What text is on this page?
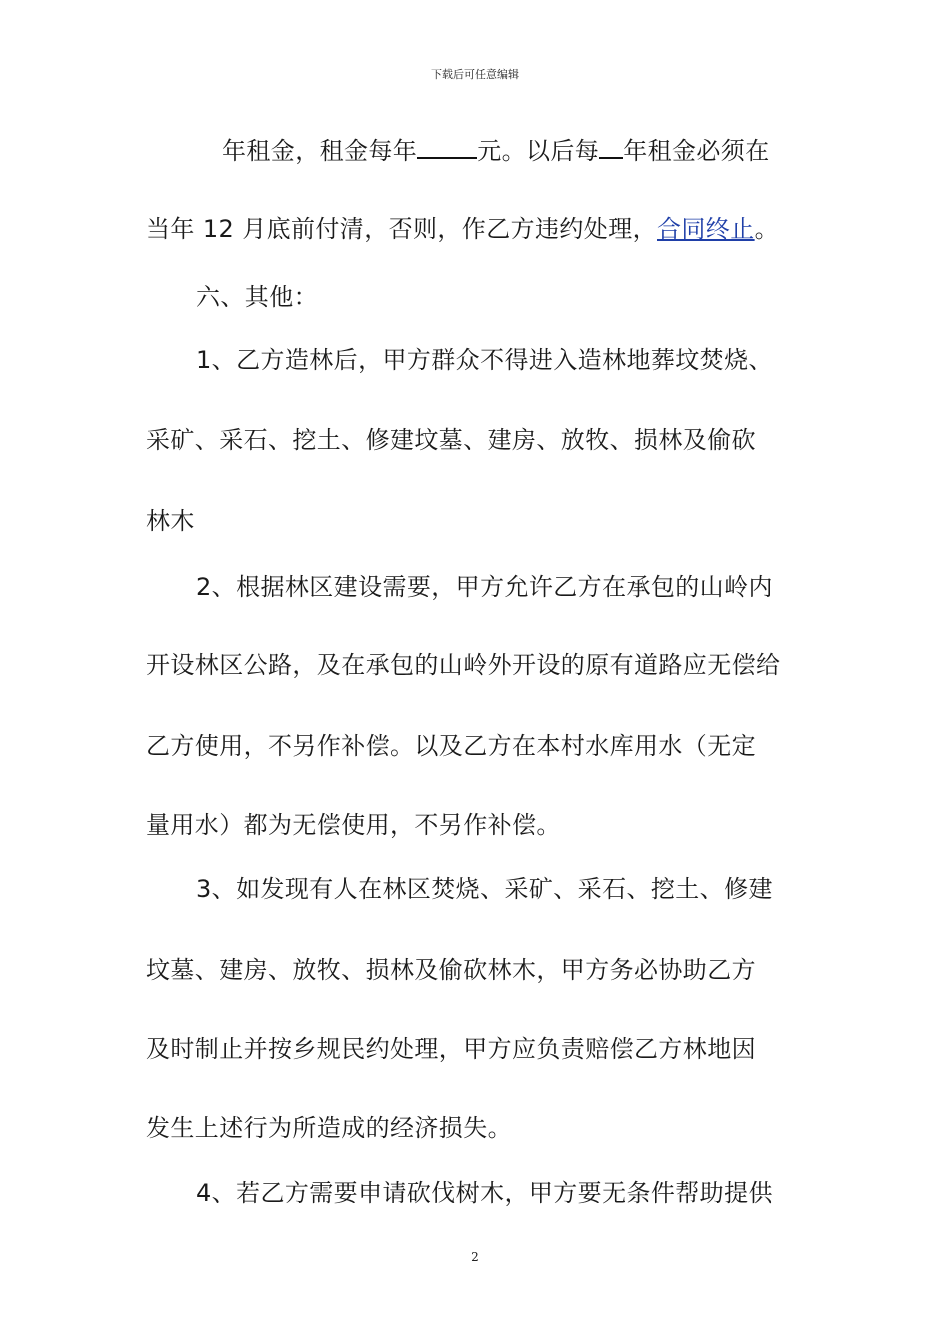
下载后可任意编辑
年租金，租金每年	元。以后每 年租金必须在
当年 12 月底前付清，否则，作乙方违约处理，合同终止。
六、其他：
1、乙方造林后，甲方群众不得进入造林地葬坟焚烧、
采矿、采石、挖土、修建坟墓、建房、放牧、损林及偷砍
林木
2、根据林区建设需要，甲方允许乙方在承包的山岭内
开设林区公路，及在承包的山岭外开设的原有道路应无偿给
乙方使用，不另作补偿。以及乙方在本村水库用水（无定
量用水）都为无偿使用，不另作补偿。
3、如发现有人在林区焚烧、采矿、采石、挖土、修建
坟墓、建房、放牧、损林及偷砍林木，甲方务必协助乙方
及时制止并按乡规民约处理，甲方应负责赔偿乙方林地因
发生上述行为所造成的经济损失。
4、若乙方需要申请砍伐树木，甲方要无条件帮助提供
2
